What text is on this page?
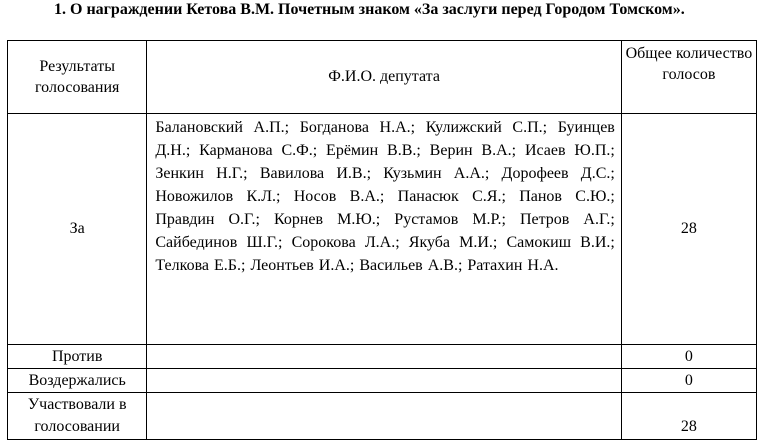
1. О награждении Кетова В.М. Почетным знаком «За заслуги перед Городом Томском».
Результаты голосования	Ф.И.О. депутата	Общее количество голосов
За	Балановский А.П.; Богданова Н.А.; Кулижский С.П.; Буинцев Д.Н.; Карманова С.Ф.; Ерёмин В.В.; Верин В.А.; Исаев Ю.П.; Зенкин Н.Г.; Вавилова И.В.; Кузьмин А.А.; Дорофеев Д.С.; Новожилов К.Л.; Носов В.А.; Панасюк С.Я.; Панов С.Ю.; Правдин О.Г.; Корнев М.Ю.; Рустамов М.Р.; Петров А.Г.; Сайбединов Ш.Г.; Сорокова Л.А.; Якуба М.И.; Самокиш В.И.; Телкова Е.Б.; Леонтьев И.А.; Васильев А.В.; Ратахин Н.А.	28
Против		0
Воздержались		0
Участвовали в голосовании		28
